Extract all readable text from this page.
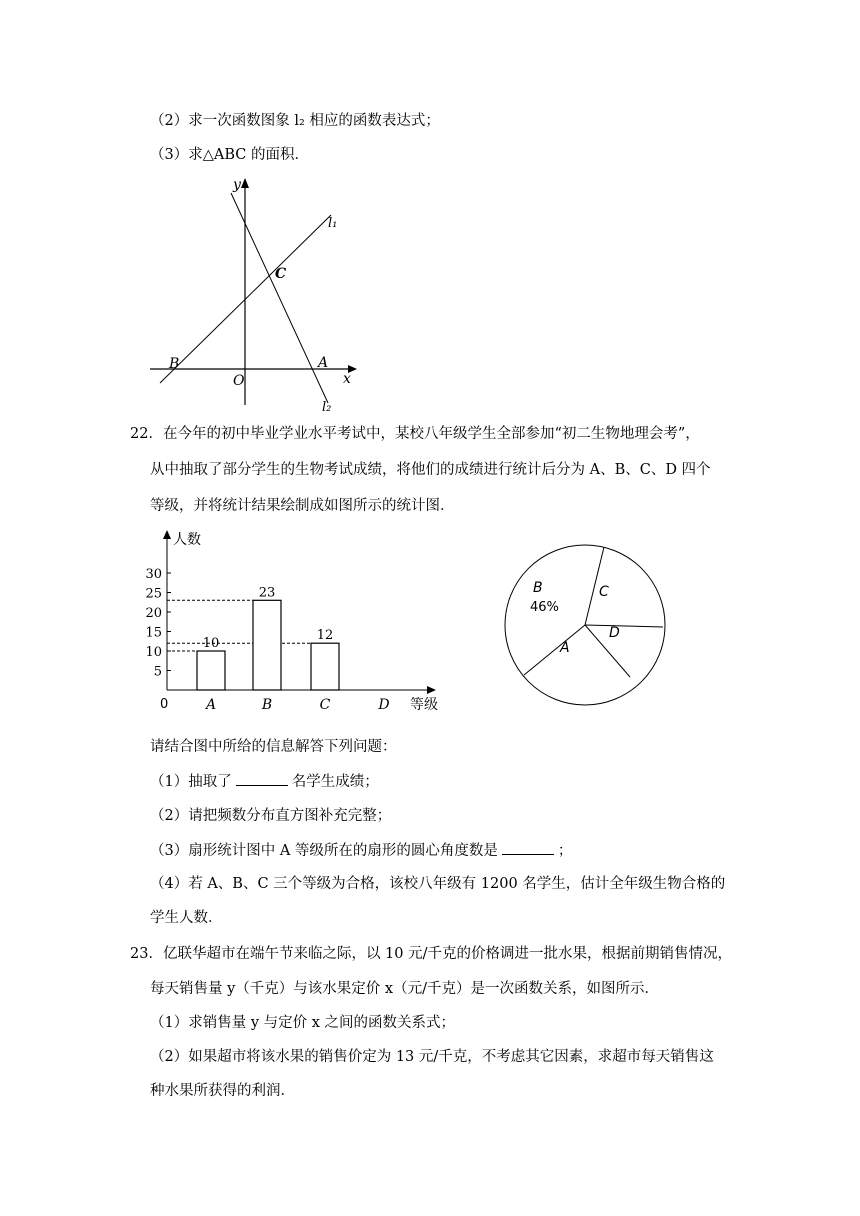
（2）求一次函数图象 l₂ 相应的函数表达式；
（3）求△ABC 的面积．
y
x
O
B	A
C
l₁
l₂
22．在今年的初中毕业学业水平考试中，某校八年级学生全部参加“初二生物地理会考”，
从中抽取了部分学生的生物考试成绩，将他们的成绩进行统计后分为 A、B、C、D 四个
等级，并将统计结果绘制成如图所示的统计图．
人数
等级
0
5
10
15
20
25
30
10
23
12
A	B	C	D
B
46%
C
D
A
请结合图中所给的信息解答下列问题：
（1）抽取了	名学生成绩；
（2）请把频数分布直方图补充完整；
（3）扇形统计图中 A 等级所在的扇形的圆心角度数是	；
（4）若 A、B、C 三个等级为合格，该校八年级有 1200 名学生，估计全年级生物合格的
学生人数．
23．亿联华超市在端午节来临之际，以 10 元/千克的价格调进一批水果，根据前期销售情况，
每天销售量 y（千克）与该水果定价 x（元/千克）是一次函数关系，如图所示．
（1）求销售量 y 与定价 x 之间的函数关系式；
（2）如果超市将该水果的销售价定为 13 元/千克，不考虑其它因素，求超市每天销售这
种水果所获得的利润．
